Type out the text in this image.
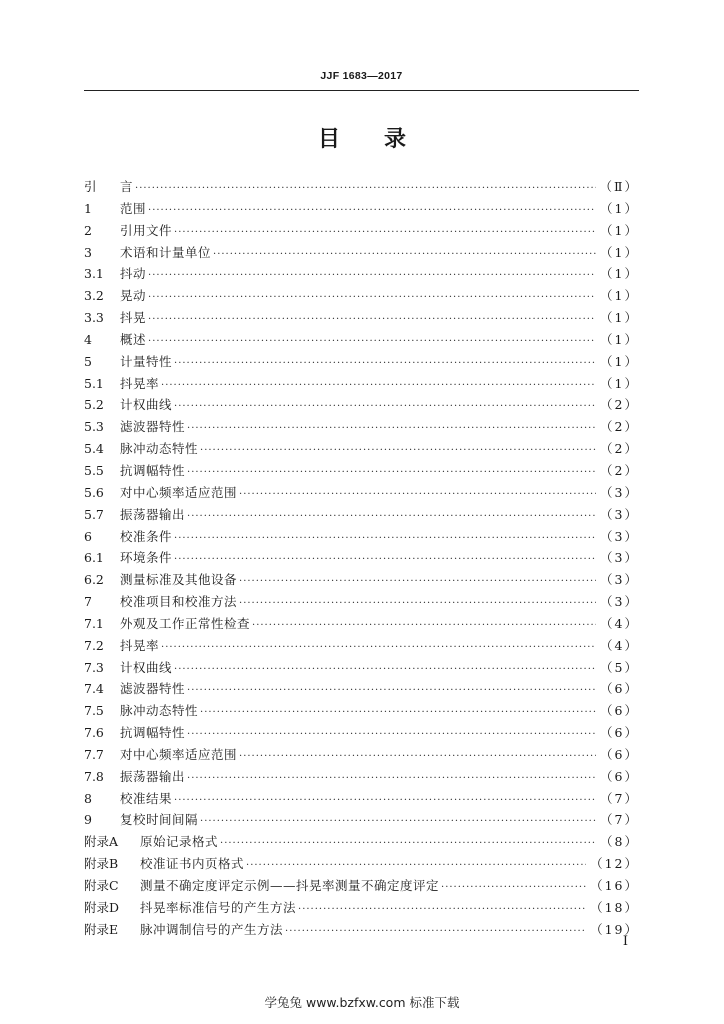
JJF 1683—2017
目录
引	言 ·····	（Ⅱ）
1	范围 ·····	（1）
2	引用文件 ·····	（1）
3	术语和计量单位 ·····	（1）
3.1	抖动 ·····	（1）
3.2	晃动 ·····	（1）
3.3	抖晃 ·····	（1）
4	概述 ·····	（1）
5	计量特性 ·····	（1）
5.1	抖晃率 ·····	（1）
5.2	计权曲线 ·····	（2）
5.3	滤波器特性 ·····	（2）
5.4	脉冲动态特性 ·····	（2）
5.5	抗调幅特性 ·····	（2）
5.6	对中心频率适应范围 ·····	（3）
5.7	振荡器输出 ·····	（3）
6	校准条件 ·····	（3）
6.1	环境条件 ·····	（3）
6.2	测量标准及其他设备 ·····	（3）
7	校准项目和校准方法 ·····	（3）
7.1	外观及工作正常性检查 ·····	（4）
7.2	抖晃率 ·····	（4）
7.3	计权曲线 ·····	（5）
7.4	滤波器特性 ·····	（6）
7.5	脉冲动态特性 ·····	（6）
7.6	抗调幅特性 ·····	（6）
7.7	对中心频率适应范围 ·····	（6）
7.8	振荡器输出 ·····	（6）
8	校准结果 ·····	（7）
9	复校时间间隔 ·····	（7）
附录A	原始记录格式 ·····	（8）
附录B	校准证书内页格式 ·····	（12）
附录C	测量不确定度评定示例——抖晃率测量不确定度评定 ·····	（16）
附录D	抖晃率标准信号的产生方法 ·····	（18）
附录E	脉冲调制信号的产生方法 ·····	（19）
I
学兔兔 www.bzfxw.com 标准下载
